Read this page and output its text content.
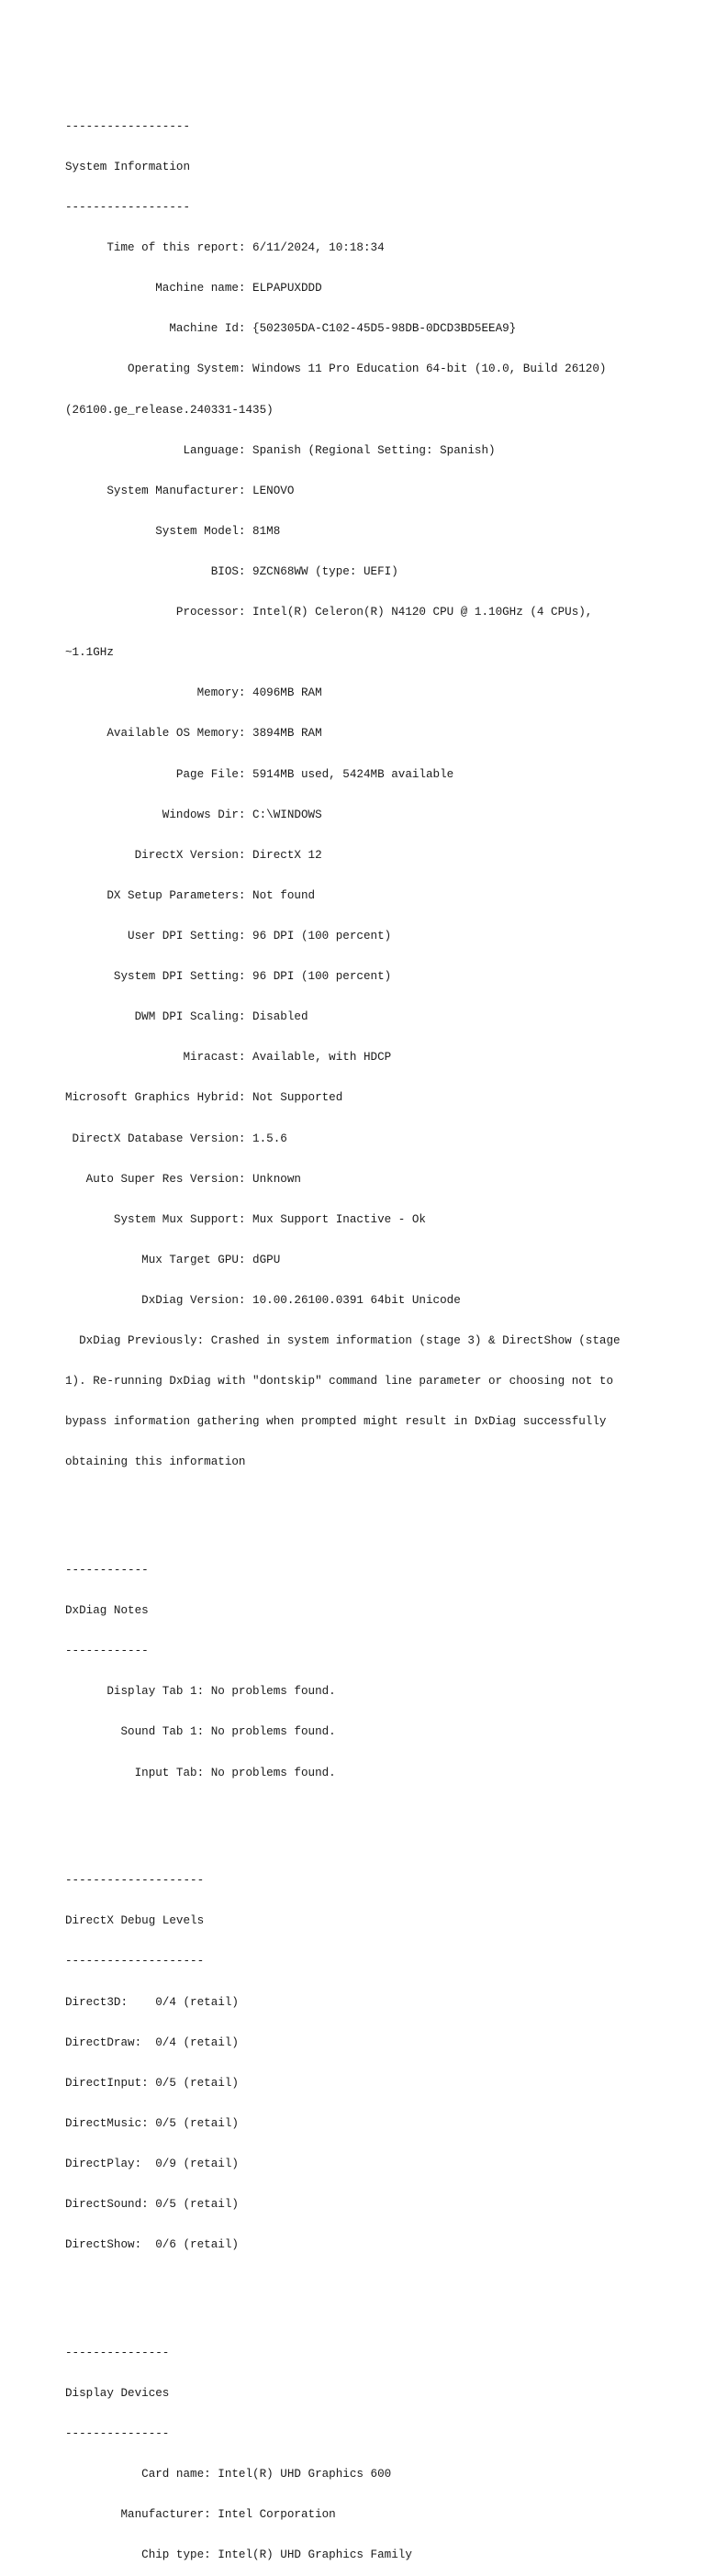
------------------

System Information

------------------

Time of this report: 6/11/2024, 10:18:34

Machine name: ELPAPUXDDD

Machine Id: {502305DA-C102-45D5-98DB-0DCD3BD5EEA9}

Operating System: Windows 11 Pro Education 64-bit (10.0, Build 26120)

(26100.ge_release.240331-1435)

Language: Spanish (Regional Setting: Spanish)

System Manufacturer: LENOVO

System Model: 81M8

BIOS: 9ZCN68WW (type: UEFI)

Processor: Intel(R) Celeron(R) N4120 CPU @ 1.10GHz (4 CPUs),

~1.1GHz

Memory: 4096MB RAM

Available OS Memory: 3894MB RAM

Page File: 5914MB used, 5424MB available

Windows Dir: C:\WINDOWS

DirectX Version: DirectX 12

DX Setup Parameters: Not found

User DPI Setting: 96 DPI (100 percent)

System DPI Setting: 96 DPI (100 percent)

DWM DPI Scaling: Disabled

Miracast: Available, with HDCP

Microsoft Graphics Hybrid: Not Supported

DirectX Database Version: 1.5.6

Auto Super Res Version: Unknown

System Mux Support: Mux Support Inactive - Ok

Mux Target GPU: dGPU

DxDiag Version: 10.00.26100.0391 64bit Unicode

DxDiag Previously: Crashed in system information (stage 3) & DirectShow (stage

1). Re-running DxDiag with "dontskip" command line parameter or choosing not to

bypass information gathering when prompted might result in DxDiag successfully

obtaining this information

------------

DxDiag Notes

------------

Display Tab 1: No problems found.

Sound Tab 1: No problems found.

Input Tab: No problems found.

--------------------

DirectX Debug Levels

--------------------

Direct3D:    0/4 (retail)

DirectDraw:  0/4 (retail)

DirectInput: 0/5 (retail)

DirectMusic: 0/5 (retail)

DirectPlay:  0/9 (retail)

DirectSound: 0/5 (retail)

DirectShow:  0/6 (retail)

---------------

Display Devices

---------------

Card name: Intel(R) UHD Graphics 600

Manufacturer: Intel Corporation

Chip type: Intel(R) UHD Graphics Family
